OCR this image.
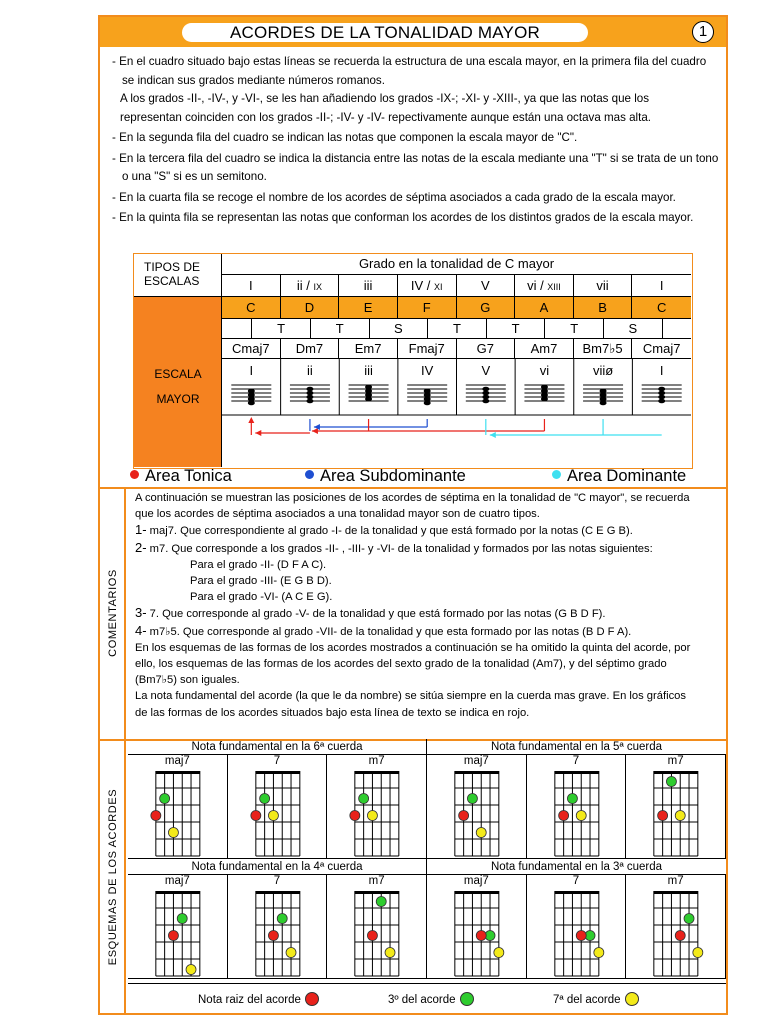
ACORDES DE LA TONALIDAD MAYOR	1

- En el cuadro situado bajo estas líneas se recuerda la estructura de una escala mayor, en la primera fila del cuadro

se indican sus grados mediante números romanos.

A los grados -II-, -IV-, y -VI-, se les han añadiendo los grados -IX-; -XI- y -XIII-, ya que las notas que los

representan coinciden con los grados -II-; -IV- y -IV- repectivamente aunque están una octava mas alta.

- En la segunda fila del cuadro se indican las notas que componen la escala mayor de "C".

- En la tercera fila del cuadro se indica la distancia entre las notas de la escala mediante una "T" si se trata de un tono

o una "S" si es un semitono.

- En la cuarta fila se recoge el nombre de los acordes de séptima asociados a cada grado de la escala mayor.

- En la quinta fila se representan las notas que conforman los acordes de los distintos grados de la escala mayor.

TIPOS DE
ESCALAS
ESCALA
MAYOR
Grado en la tonalidad de C mayor
I	ii / IX	iii	IV / XI	V	vi / XIII	vii	I
C	D	E	F	G	A	B	C
T	T	S	T	T	T	S
Cmaj7	Dm7	Em7	Fmaj7	G7	Am7	Bm7♭5	Cmaj7
I	ii	iii	IV	V	vi	viiø	I
Area Tonica	Area Subdominante	Area Dominante
COMENTARIOS

A continuación se muestran las posiciones de los acordes de séptima en la tonalidad de "C mayor", se recuerda

que los acordes de séptima asociados a una tonalidad mayor son de cuatro tipos.

1- maj7. Que correspondiente al grado -I- de la tonalidad y que está formado por la notas (C E G B).

2- m7. Que corresponde a los grados -II- , -III- y -VI- de la tonalidad y formados por las notas siguientes:

Para el grado -II- (D F A C).

Para el grado -III- (E G B D).

Para el grado -VI- (A C E G).

3- 7. Que corresponde al grado -V- de la tonalidad y que está formado por las notas (G B D F).

4- m7♭5. Que corresponde al grado -VII- de la tonalidad y que esta formado por las notas (B D F A).

En los esquemas de las formas de los acordes mostrados a continuación se ha omitido la quinta del acorde, por

ello, los esquemas de las formas de los acordes del sexto grado de la tonalidad (Am7), y del séptimo grado

(Bm7♭5) son iguales.

La nota fundamental del acorde (la que le da nombre) se sitúa siempre en la cuerda mas grave. En los gráficos

de las formas de los acordes situados bajo esta línea de texto se indica en rojo.

ESQUEMAS DE LOS ACORDES
Nota fundamental en la 6ª cuerda
maj7	7	m7
Nota fundamental en la 5ª cuerda
maj7	7	m7
Nota fundamental en la 4ª cuerda
maj7	7	m7
Nota fundamental en la 3ª cuerda
maj7	7	m7
Nota raiz del acorde	3º del acorde	7ª del acorde
